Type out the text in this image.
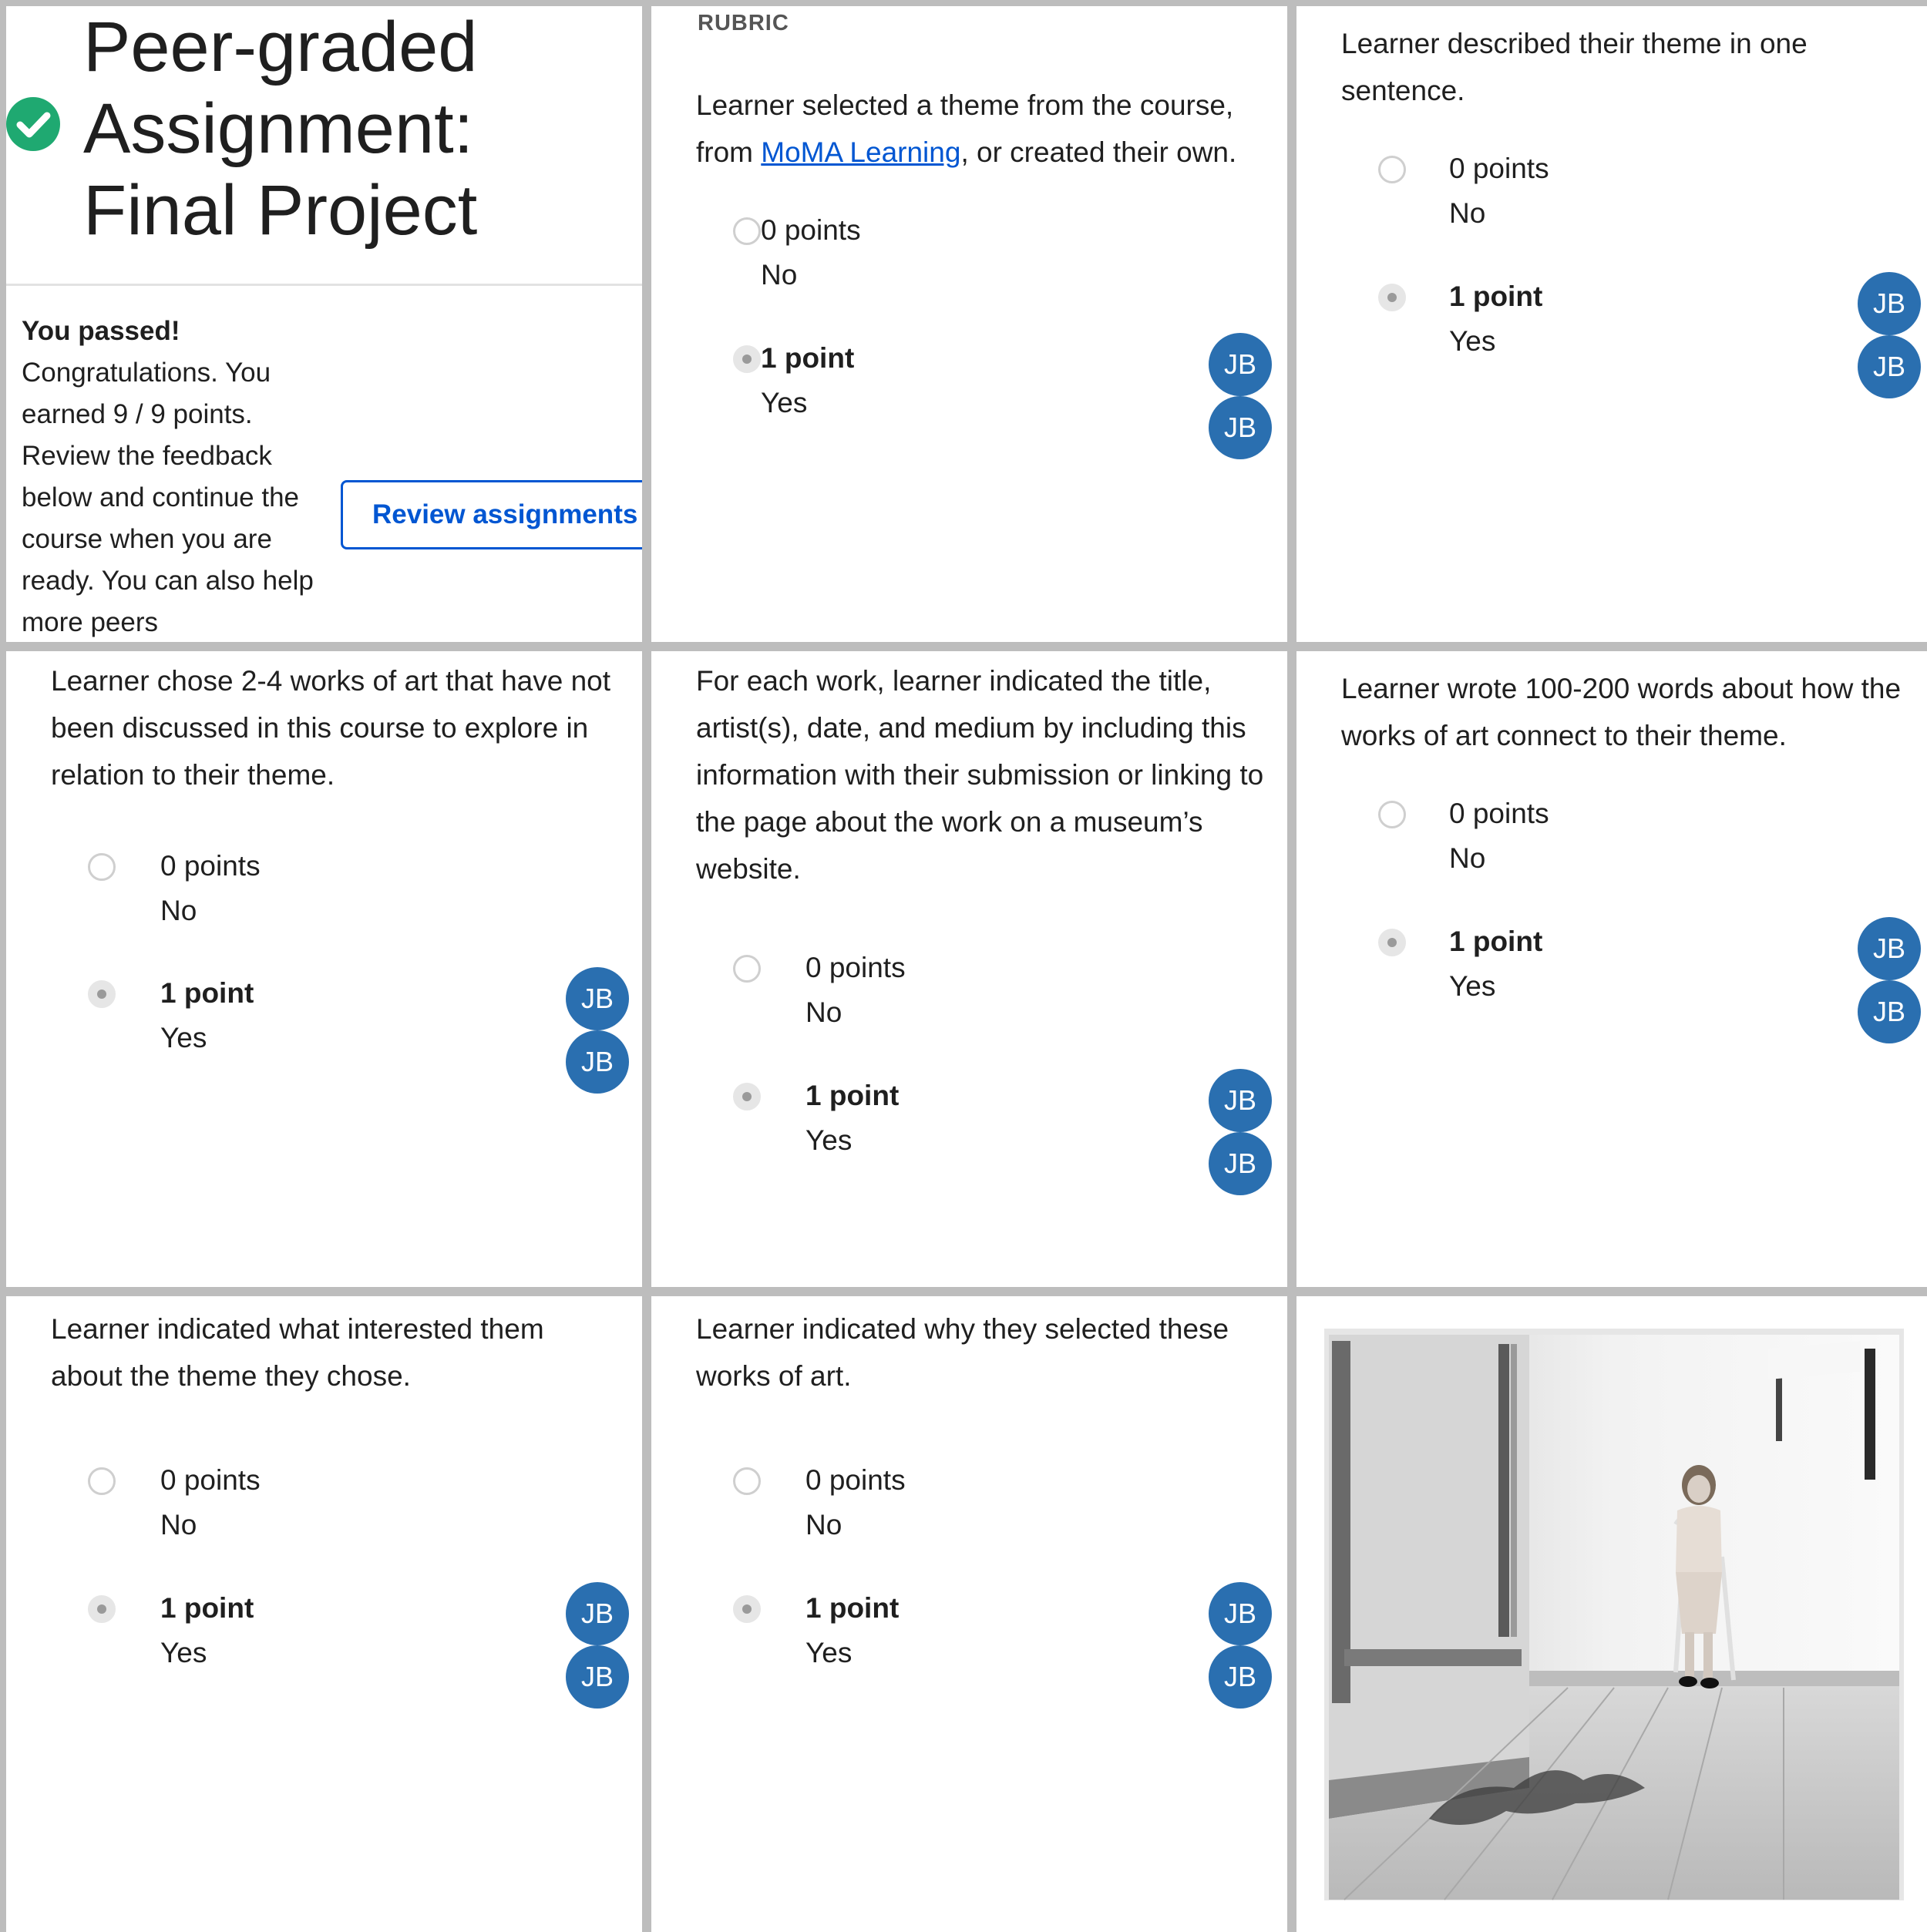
Peer-graded Assignment: Final Project
You passed!
Congratulations. You earned 9 / 9 points. Review the feedback below and continue the course when you are ready. You can also help more peers
Review assignments
RUBRIC

Learner selected a theme from the course, from MoMA Learning, or created their own.

0 points
No
1 point
Yes
JB
JB

Learner described their theme in one sentence.

0 points
No
1 point
Yes
JB
JB

Learner chose 2-4 works of art that have not been discussed in this course to explore in relation to their theme.

0 points
No
1 point
Yes
JB
JB

For each work, learner indicated the title, artist(s), date, and medium by including this information with their submission or linking to the page about the work on a museum’s website.

0 points
No
1 point
Yes
JB
JB

Learner wrote 100-200 words about how the works of art connect to their theme.

0 points
No
1 point
Yes
JB
JB

Learner indicated what interested them about the theme they chose.

0 points
No
1 point
Yes
JB
JB

Learner indicated why they selected these works of art.

0 points
No
1 point
Yes
JB
JB
